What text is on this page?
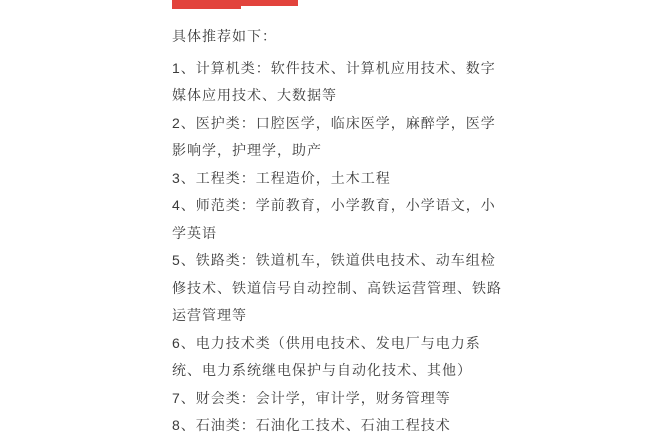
具体推荐如下：

1、计算机类：软件技术、计算机应用技术、数字
媒体应用技术、大数据等
2、医护类：口腔医学，临床医学，麻醉学，医学
影响学，护理学，助产
3、工程类：工程造价，土木工程
4、师范类：学前教育，小学教育，小学语文，小
学英语
5、铁路类：铁道机车，铁道供电技术、动车组检
修技术、铁道信号自动控制、高铁运营管理、铁路
运营管理等
6、电力技术类（供用电技术、发电厂与电力系
统、电力系统继电保护与自动化技术、其他）
7、财会类：会计学，审计学，财务管理等
8、石油类：石油化工技术、石油工程技术
